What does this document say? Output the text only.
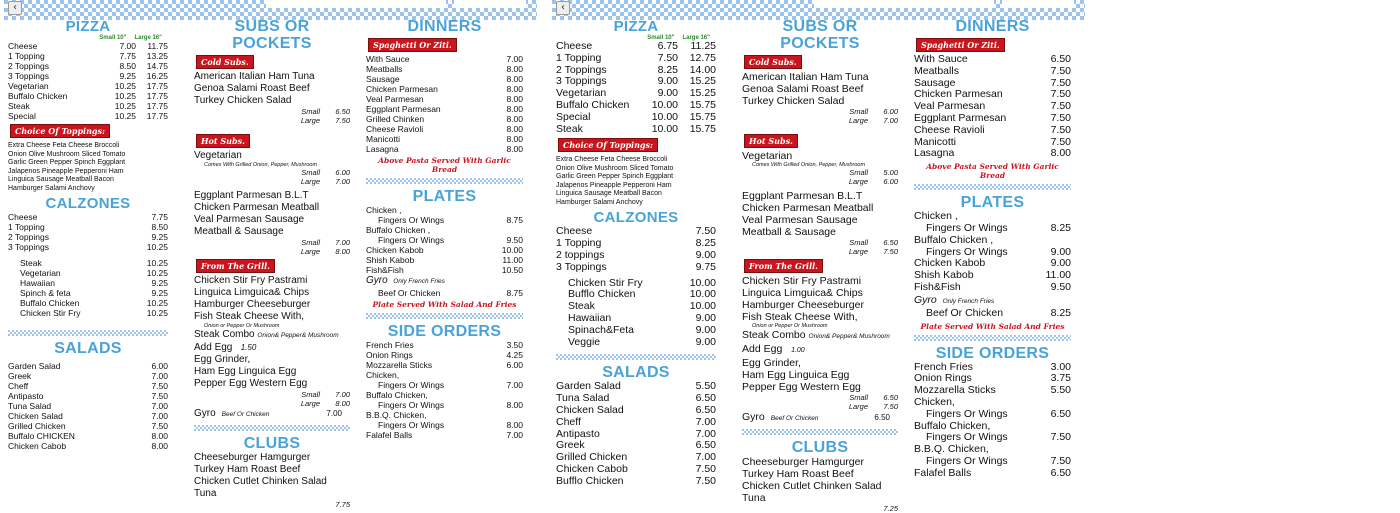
‹
PIZZA
Small 10" Large 16"
Cheese	7.00	11.75
1 Topping	7.75	13.25
2 Toppings	8.50	14.75
3 Toppings	9.25	16.25
Vegetarian	10.25	17.75
Buffalo Chicken	10.25	17.75
Steak	10.25	17.75
Special	10.25	17.75
Choice Of Toppings:
Extra Cheese Feta Cheese Broccoli
Onion Olive Mushroom Sliced Tomato
Garlic Green Pepper Spinch Eggplant
Jalapenos Pineapple Pepperoni Ham
Linguica Sausage Meatball Bacon
Hamburger Salami Anchovy
CALZONES
Cheese	7.75
1 Topping	8.50
2 Toppings	9.25
3 Toppings	10.25
Steak	10.25
Vegetarian	10.25
Hawaiian	9.25
Spinch & feta	9.25
Buffalo Chicken	10.25
Chicken Stir Fry	10.25
SALADS
Garden Salad	6.00
Greek	7.00
Cheff	7.50
Antipasto	7.50
Tuna Salad	7.00
Chicken Salad	7.00
Grilled Chicken	7.50
Buffalo CHICKEN	8.00
Chicken Cabob	8.00
SUBS OR POCKETS
Cold Subs.
American Italian Ham Tuna
Genoa Salami Roast Beef
Turkey Chicken Salad
Small	6.50
Large	7.50
Hot Subs.
Vegetarian
Comes With Grilled Onion, Pepper, Mushroom
Small	6.00
Large	7.00
Eggplant Parmesan B.L.T
Chicken Parmesan Meatball
Veal Parmesan Sausage
Meatball & Sausage
Small	7.00
Large	8.00
From The Grill.
Chicken Stir Fry Pastrami
Linguica Limguica& Chips
Hamburger Cheeseburger
Fish Steak Cheese With,
Onion or Pepper Or Mushroom
Steak Combo Onion& Pepper& Mushroom
Add Egg 1.50
Egg Grinder,
Ham Egg Linguica Egg
Pepper Egg Western Egg
Small	7.00
Large	8.00
Gyro Beef Or Chicken	7.00
CLUBS
Cheeseburger Hamgurger
Turkey Ham Roast Beef
Chicken Cutlet Chinken Salad
Tuna
7.75
DINNERS
Spaghetti Or Ziti.
With Sauce	7.00
Meatballs	8.00
Sausage	8.00
Chicken Parmesan	8.00
Veal Parmesan	8.00
Eggplant Parmesan	8.00
Grilled Chinken	8.00
Cheese Ravioli	8.00
Manicotti	8.00
Lasagna	8.00
Above Pasta Served With Garlic Bread
PLATES
Chicken ,
Fingers Or Wings	8.75
Buffalo Chicken ,
Fingers Or Wings	9.50
Chicken Kabob	10.00
Shish Kabob	11.00
Fish&Fish	10.50
Gyro Only French Fries
Beef Or Chicken	8.75
Plate Served With Salad And Fries
SIDE ORDERS
French Fries	3.50
Onion Rings	4.25
Mozzarella Sticks	6.00
Chicken,
Fingers Or Wings	7.00
Buffalo Chicken,
Fingers Or Wings	8.00
B.B.Q. Chicken,
Fingers Or Wings	8.00
Falafel Balls	7.00
‹
PIZZA
Small 10" Large 16"
Cheese	6.75	11.25
1 Topping	7.50	12.75
2 Toppings	8.25	14.00
3 Toppings	9.00	15.25
Vegetarian	9.00	15.25
Buffalo Chicken	10.00	15.75
Special	10.00	15.75
Steak	10.00	15.75
Choice Of Toppings:
Extra Cheese Feta Cheese Broccoli
Onion Olive Mushroom Sliced Tomato
Garlic Green Pepper Spinch Eggplant
Jalapenos Pineapple Pepperoni Ham
Linguica Sausage Meatball Bacon
Hamburger Salami Anchovy
CALZONES
Cheese	7.50
1 Topping	8.25
2 toppings	9.00
3 Toppings	9.75
Chicken Stir Fry	10.00
Bufflo Chicken	10.00
Steak	10.00
Hawaiian	9.00
Spinach&Feta	9.00
Veggie	9.00
SALADS
Garden Salad	5.50
Tuna Salad	6.50
Chicken Salad	6.50
Cheff	7.00
Antipasto	7.00
Greek	6.50
Grilled Chicken	7.00
Chicken Cabob	7.50
Bufflo Chicken	7.50
SUBS OR POCKETS
Cold Subs.
American Italian Ham Tuna
Genoa Salami Roast Beef
Turkey Chicken Salad
Small	6.00
Large	7.00
Hot Subs.
Vegetarian
Comes With Grilled Onion, Pepper, Mushroom
Small	5.00
Large	6.00
Eggplant Parmesan B.L.T
Chicken Parmesan Meatball
Veal Parmesan Sausage
Meatball & Sausage
Small	6.50
Large	7.50
From The Grill.
Chicken Stir Fry Pastrami
Linguica Limguica& Chips
Hamburger Cheeseburger
Fish Steak Cheese With,
Onion or Pepper Or Mushroom
Steak Combo Onion& Pepper& Mushroom
Add Egg 1.00
Egg Grinder,
Ham Egg Linguica Egg
Pepper Egg Western Egg
Small	6.50
Large	7.50
Gyro Beef Or Chicken	6.50
CLUBS
Cheeseburger Hamgurger
Turkey Ham Roast Beef
Chicken Cutlet Chinken Salad
Tuna
7.25
DINNERS
Spaghetti Or Ziti.
With Sauce	6.50
Meatballs	7.50
Sausage	7.50
Chicken Parmesan	7.50
Veal Parmesan	7.50
Eggplant Parmesan	7.50
Cheese Ravioli	7.50
Manicotti	7.50
Lasagna	8.00
Above Pasta Served With Garlic Bread
PLATES
Chicken ,
Fingers Or Wings	8.25
Buffalo Chicken ,
Fingers Or Wings	9.00
Chicken Kabob	9.00
Shish Kabob	11.00
Fish&Fish	9.50
Gyro Only French Fries
Beef Or Chicken	8.25
Plate Served With Salad And Fries
SIDE ORDERS
French Fries	3.00
Onion Rings	3.75
Mozzarella Sticks	5.50
Chicken,
Fingers Or Wings	6.50
Buffalo Chicken,
Fingers Or Wings	7.50
B.B.Q. Chicken,
Fingers Or Wings	7.50
Falafel Balls	6.50
